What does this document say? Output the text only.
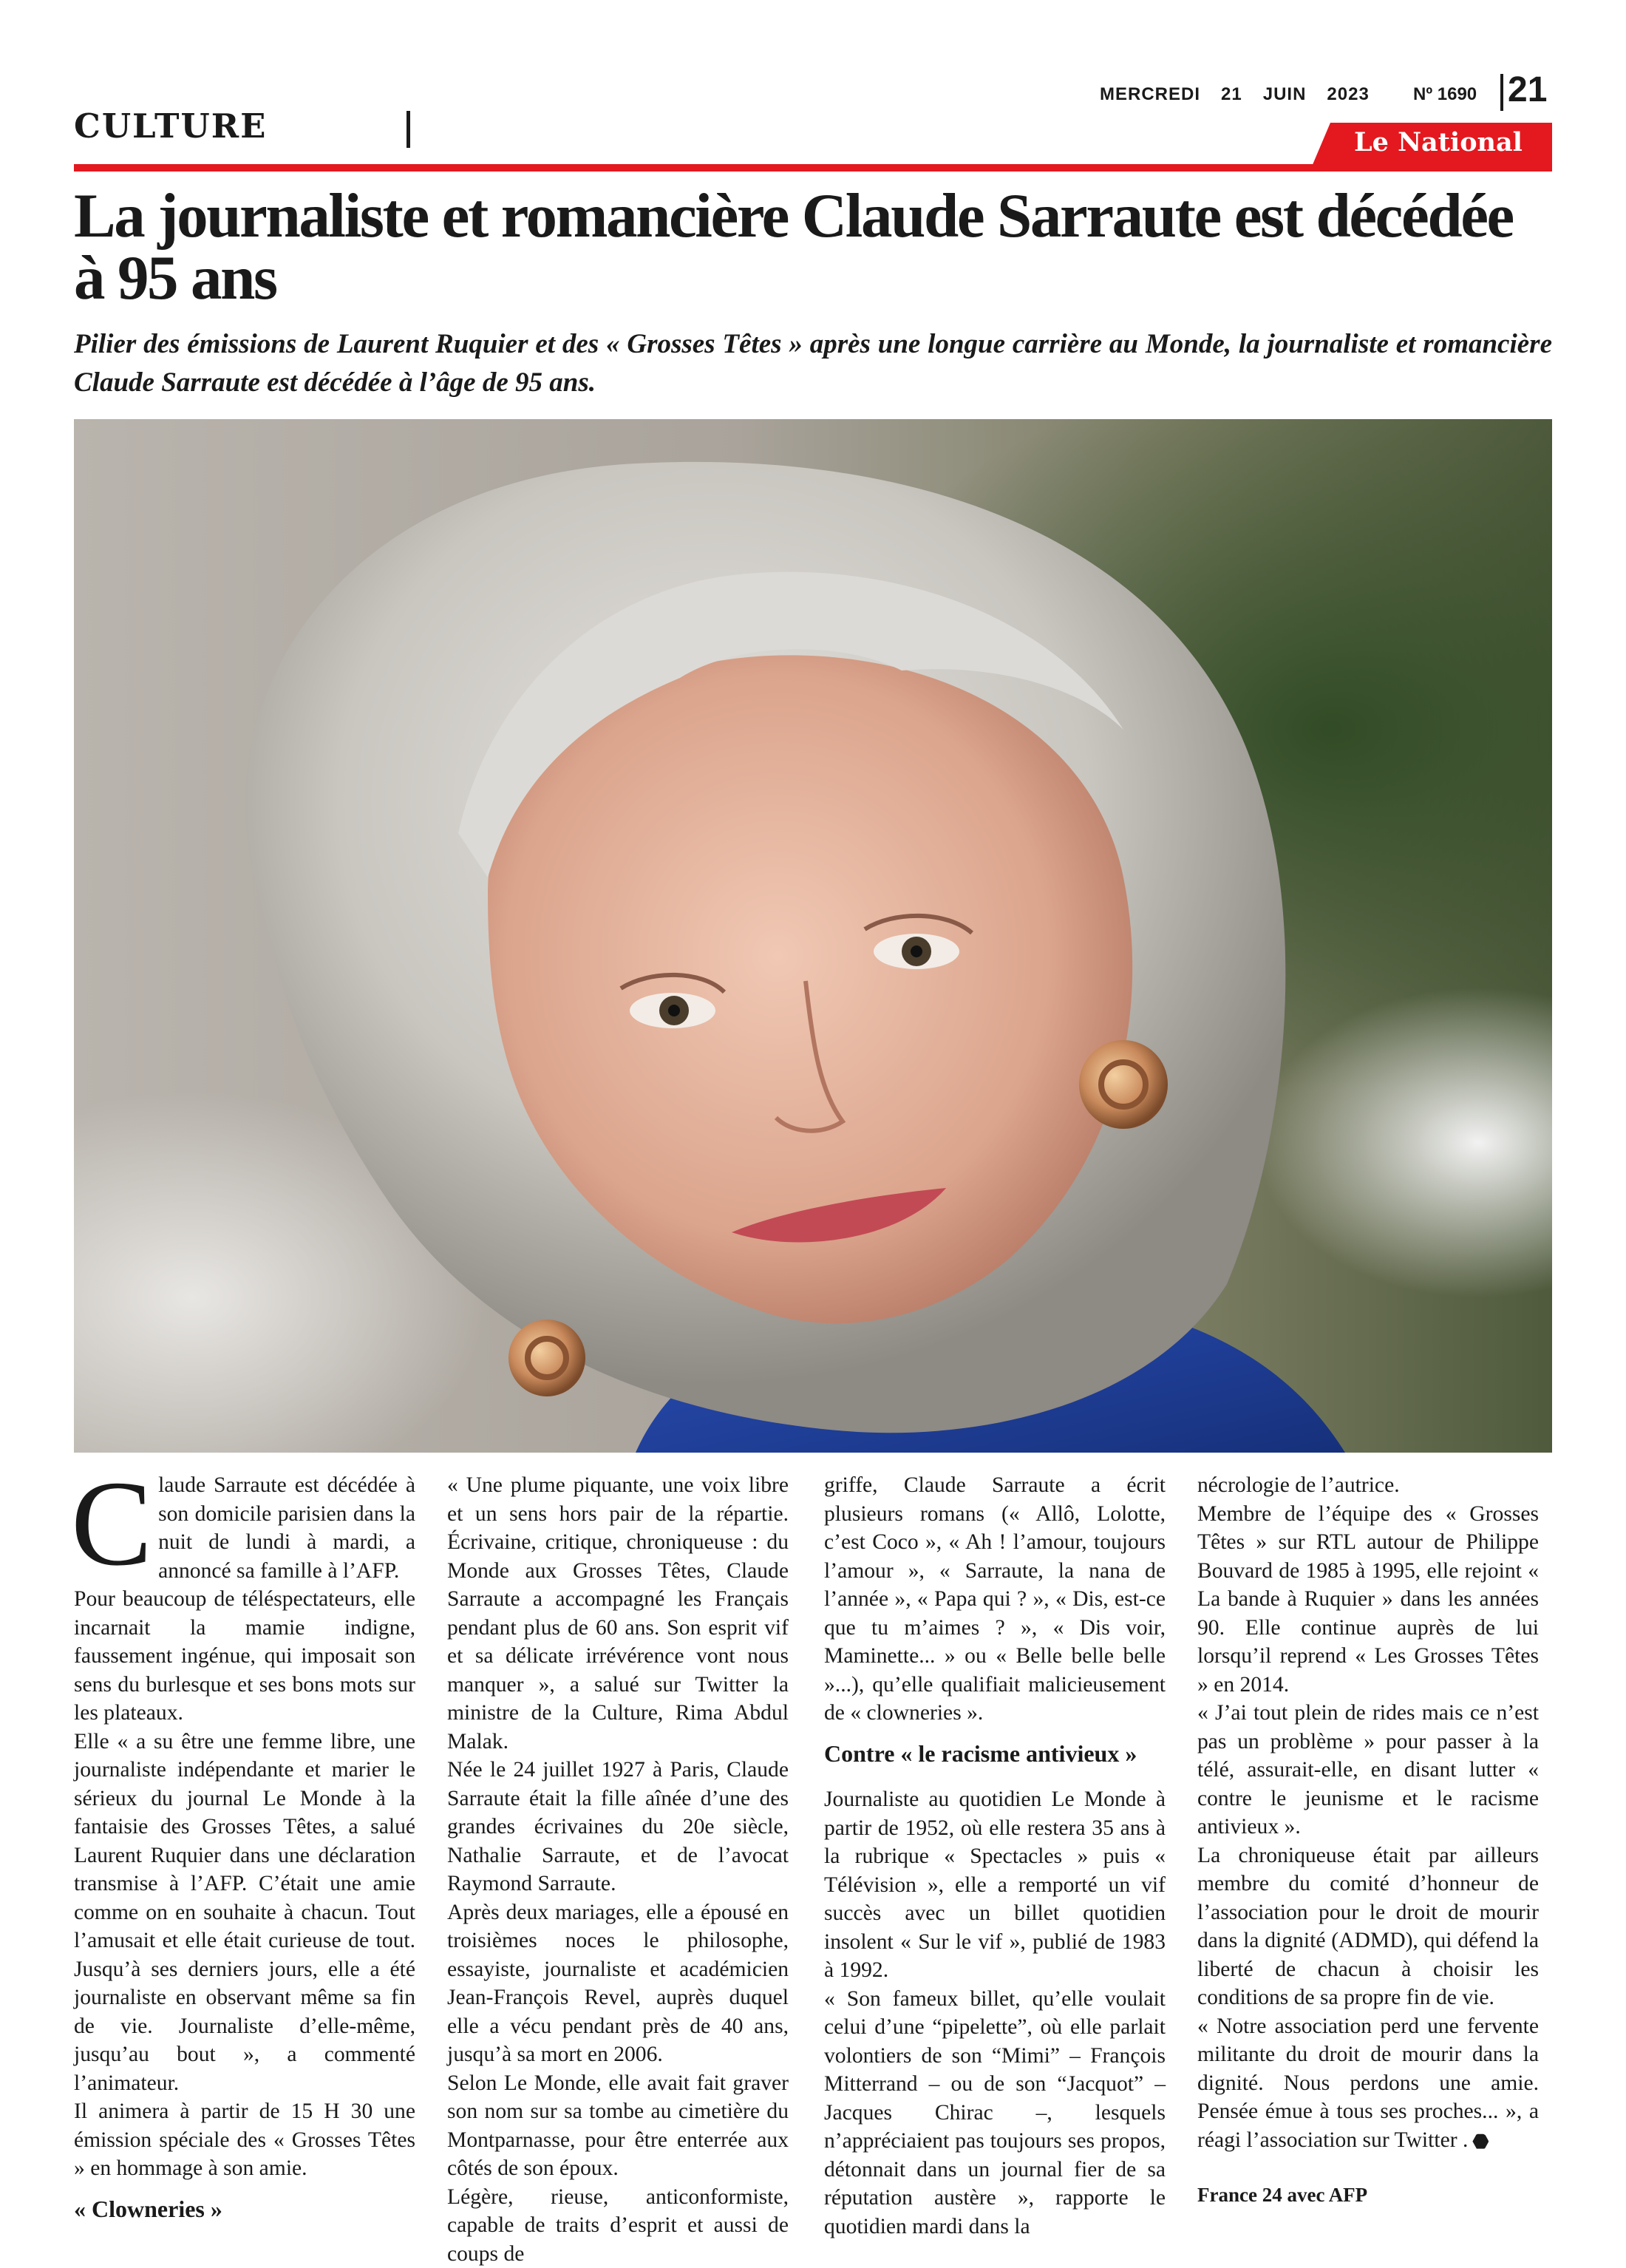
CULTURE
MERCREDI 21 JUIN 2023	Nº 1690 21
Le National
La journaliste et romancière Claude Sarraute est décédée à 95 ans

Pilier des émissions de Laurent Ruquier et des « Grosses Têtes » après une longue carrière au Monde, la journaliste et romancière Claude Sarraute est décédée à l’âge de 95 ans.

Claude Sarraute est décédée à son domicile parisien dans la nuit de lundi à mardi, a annoncé sa famille à l’AFP.

Pour beaucoup de téléspectateurs, elle incarnait la mamie indigne, faussement ingénue, qui imposait son sens du burlesque et ses bons mots sur les plateaux.

Elle « a su être une femme libre, une journaliste indépendante et marier le sérieux du journal Le Monde à la fantaisie des Grosses Têtes, a salué Laurent Ruquier dans une déclaration transmise à l’AFP. C’était une amie comme on en souhaite à chacun. Tout l’amusait et elle était curieuse de tout. Jusqu’à ses derniers jours, elle a été journaliste en observant même sa fin de vie. Journaliste d’elle-même, jusqu’au bout », a commenté l’animateur.

Il animera à partir de 15 H 30 une émission spéciale des « Grosses Têtes » en hommage à son amie.

« Clowneries »

« Une plume piquante, une voix libre et un sens hors pair de la répartie. Écrivaine, critique, chroniqueuse : du Monde aux Grosses Têtes, Claude Sarraute a accompagné les Français pendant plus de 60 ans. Son esprit vif et sa délicate irrévérence vont nous manquer », a salué sur Twitter la ministre de la Culture, Rima Abdul Malak.

Née le 24 juillet 1927 à Paris, Claude Sarraute était la fille aînée d’une des grandes écrivaines du 20e siècle, Nathalie Sarraute, et de l’avocat Raymond Sarraute.

Après deux mariages, elle a épousé en troisièmes noces le philosophe, essayiste, journaliste et académicien Jean-François Revel, auprès duquel elle a vécu pendant près de 40 ans, jusqu’à sa mort en 2006.

Selon Le Monde, elle avait fait graver son nom sur sa tombe au cimetière du Montparnasse, pour être enterrée aux côtés de son époux.

Légère, rieuse, anticonformiste, capable de traits d’esprit et aussi de coups de

griffe, Claude Sarraute a écrit plusieurs romans (« Allô, Lolotte, c’est Coco », « Ah ! l’amour, toujours l’amour », « Sarraute, la nana de l’année », « Papa qui ? », « Dis, est-ce que tu m’aimes ? », « Dis voir, Maminette... » ou « Belle belle belle »...), qu’elle qualifiait malicieusement de « clowneries ».

Contre « le racisme antivieux »

Journaliste au quotidien Le Monde à partir de 1952, où elle restera 35 ans à la rubrique « Spectacles » puis « Télévision », elle a remporté un vif succès avec un billet quotidien insolent « Sur le vif », publié de 1983 à 1992.

« Son fameux billet, qu’elle voulait celui d’une “pipelette”, où elle parlait volontiers de son “Mimi” – François Mitterrand – ou de son “Jacquot” – Jacques Chirac –, lesquels n’appréciaient pas toujours ses propos, détonnait dans un journal fier de sa réputation austère », rapporte le quotidien mardi dans la

nécrologie de l’autrice.

Membre de l’équipe des « Grosses Têtes » sur RTL autour de Philippe Bouvard de 1985 à 1995, elle rejoint « La bande à Ruquier » dans les années 90. Elle continue auprès de lui lorsqu’il reprend « Les Grosses Têtes » en 2014.

« J’ai tout plein de rides mais ce n’est pas un problème » pour passer à la télé, assurait-elle, en disant lutter « contre le jeunisme et le racisme antivieux ».

La chroniqueuse était par ailleurs membre du comité d’honneur de l’association pour le droit de mourir dans la dignité (ADMD), qui défend la liberté de chacun à choisir les conditions de sa propre fin de vie.

« Notre association perd une fervente militante du droit de mourir dans la dignité. Nous perdons une amie. Pensée émue à tous ses proches... », a réagi l’association sur Twitter .

France 24 avec AFP
